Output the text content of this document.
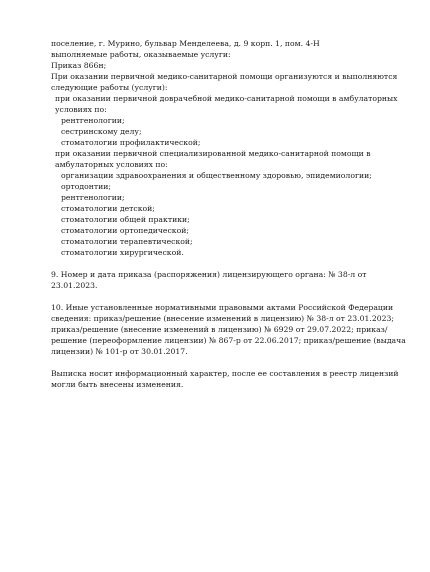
поселение, г. Мурино, бульвар Менделеева, д. 9 корп. 1, пом. 4-Н

выполняемые работы, оказываемые услуги:

Приказ 866н;

При оказании первичной медико-санитарной помощи организуются и выполняются следующие работы (услуги):

при оказании первичной доврачебной медико-санитарной помощи в амбулаторных условиях по:

рентгенологии;

сестринскому делу;

стоматологии профилактической;

при оказании первичной специализированной медико-санитарной помощи в амбулаторных условиях по:

организации здравоохранения и общественному здоровью, эпидемиологии;

ортодонтии;

рентгенологии;

стоматологии детской;

стоматологии общей практики;

стоматологии ортопедической;

стоматологии терапевтической;

стоматологии хирургической.

9. Номер и дата приказа (распоряжения) лицензирующего органа: № 38-л от 23.01.2023.

10. Иные установленные нормативными правовыми актами Российской Федерации сведения: приказ/решение (внесение изменений в лицензию) № 38-л от 23.01.2023; приказ/решение (внесение изменений в лицензию) № 6929 от 29.07.2022; приказ/решение (переоформление лицензии) № 867-р от 22.06.2017; приказ/решение (выдача лицензии) № 101-р от 30.01.2017.

Выписка носит информационный характер, после ее составления в реестр лицензий могли быть внесены изменения.
